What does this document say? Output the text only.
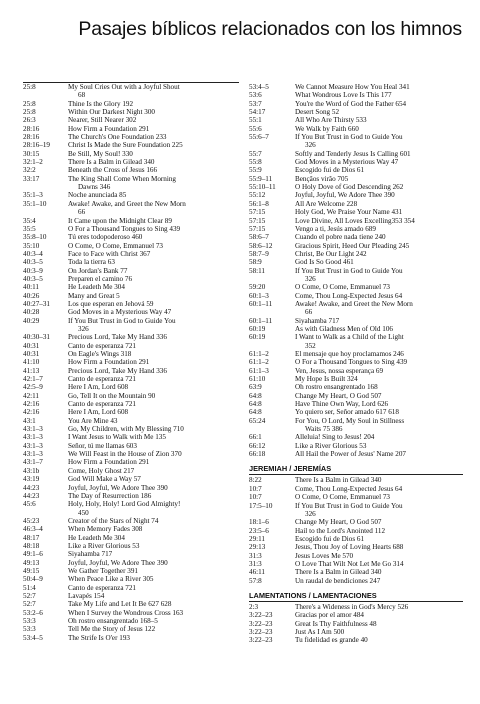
Pasajes bíblicos relacionados con los himnos
25:8	My Soul Cries Out with a Joyful Shout
68
25:8	Thine Is the Glory 192
25:8	Within Our Darkest Night 300
26:3	Nearer, Still Nearer 302
28:16	How Firm a Foundation 291
28:16	The Church's One Foundation 233
28:16–19	Christ Is Made the Sure Foundation 225
30:15	Be Still, My Soul! 330
32:1–2	There Is a Balm in Gilead 340
32:2	Beneath the Cross of Jesus 166
33:17	The King Shall Come When Morning
Dawns 346
35:1–3	Noche anunciada 85
35:1–10	Awake! Awake, and Greet the New Morn
66
35:4	It Came upon the Midnight Clear 89
35:5	O For a Thousand Tongues to Sing 439
35:8–10	Tú eres todopoderoso 460
35:10	O Come, O Come, Emmanuel 73
40:3–4	Face to Face with Christ 367
40:3–5	Toda la tierra 63
40:3–9	On Jordan's Bank 77
40:3–5	Preparen el camino 76
40:11	He Leadeth Me 304
40:26	Many and Great 5
40:27–31	Los que esperan en Jehová 59
40:28	God Moves in a Mysterious Way 47
40:29	If You But Trust in God to Guide You
326
40:30–31	Precious Lord, Take My Hand 336
40:31	Canto de esperanza 721
40:31	On Eagle's Wings 318
41:10	How Firm a Foundation 291
41:13	Precious Lord, Take My Hand 336
42:1–7	Canto de esperanza 721
42:5–9	Here I Am, Lord 608
42:11	Go, Tell It on the Mountain 90
42:16	Canto de esperanza 721
42:16	Here I Am, Lord 608
43:1	You Are Mine 43
43:1–3	Go, My Children, with My Blessing 710
43:1–3	I Want Jesus to Walk with Me 135
43:1–3	Señor, tú me llamas 603
43:1–3	We Will Feast in the House of Zion 370
43:1–7	How Firm a Foundation 291
43:1b	Come, Holy Ghost 217
43:19	God Will Make a Way 57
44:23	Joyful, Joyful, We Adore Thee 390
44:23	The Day of Resurrection 186
45:6	Holy, Holy, Holy! Lord God Almighty!
450
45:23	Creator of the Stars of Night 74
46:3–4	When Memory Fades 308
48:17	He Leadeth Me 304
48:18	Like a River Glorious 53
49:1–6	Siyahamba 717
49:13	Joyful, Joyful, We Adore Thee 390
49:15	We Gather Together 391
50:4–9	When Peace Like a River 305
51:4	Canto de esperanza 721
52:7	Lavapés 154
52:7	Take My Life and Let It Be 627 628
53:2–6	When I Survey the Wondrous Cross 163
53:3	Oh rostro ensangrentado 168–5
53:3	Tell Me the Story of Jesus 122
53:4–5	The Strife Is O'er 193
53:4–5	We Cannot Measure How You Heal 341
53:6	What Wondrous Love Is This 177
53:7	You're the Word of God the Father 654
54:17	Desert Song 52
55:1	All Who Are Thirsty 533
55:6	We Walk by Faith 660
55:6–7	If You But Trust in God to Guide You
326
55:7	Softly and Tenderly Jesus Is Calling 601
55:8	God Moves in a Mysterious Way 47
55:9	Escogido fui de Dios 61
55:9–11	Bençãos virão 705
55:10–11	O Holy Dove of God Descending 262
55:12	Joyful, Joyful, We Adore Thee 390
56:1–8	All Are Welcome 228
57:15	Holy God, We Praise Your Name 431
57:15	Love Divine, All Loves Excelling353 354
57:15	Vengo a ti, Jesús amado 689
58:6–7	Cuando el pobre nada tiene 240
58:6–12	Gracious Spirit, Heed Our Pleading 245
58:7–9	Christ, Be Our Light 242
58:9	God Is So Good 461
58:11	If You But Trust in God to Guide You
326
59:20	O Come, O Come, Emmanuel 73
60:1–3	Come, Thou Long-Expected Jesus 64
60:1–11	Awake! Awake, and Greet the New Morn
66
60:1–11	Siyahamba 717
60:19	As with Gladness Men of Old 106
60:19	I Want to Walk as a Child of the Light
352
61:1–2	El mensaje que hoy proclamamos 246
61:1–2	O For a Thousand Tongues to Sing 439
61:1–3	Ven, Jesus, nossa esperança 69
61:10	My Hope Is Built 324
63:9	Oh rostro ensangrentado 168
64:8	Change My Heart, O God 507
64:8	Have Thine Own Way, Lord 626
64:8	Yo quiero ser, Señor amado 617 618
65:24	For You, O Lord, My Soul in Stillness
Waits 75 386
66:1	Alleluia! Sing to Jesus! 204
66:12	Like a River Glorious 53
66:18	All Hail the Power of Jesus' Name 207
JEREMIAH / JEREMÍAS
8:22	There Is a Balm in Gilead 340
10:7	Come, Thou Long-Expected Jesus 64
10:7	O Come, O Come, Emmanuel 73
17:5–10	If You But Trust in God to Guide You
326
18:1–6	Change My Heart, O God 507
23:5–6	Hail to the Lord's Anointed 112
29:11	Escogido fui de Dios 61
29:13	Jesus, Thou Joy of Loving Hearts 688
31:3	Jesus Loves Me 570
31:3	O Love That Wilt Not Let Me Go 314
46:11	There Is a Balm in Gilead 340
57:8	Un raudal de bendiciones 247
LAMENTATIONS / LAMENTACIONES
2:3	There's a Wideness in God's Mercy 526
3:22–23	Gracias por el amor 484
3:22–23	Great Is Thy Faithfulness 48
3:22–23	Just As I Am 500
3:22–23	Tu fidelidad es grande 40
